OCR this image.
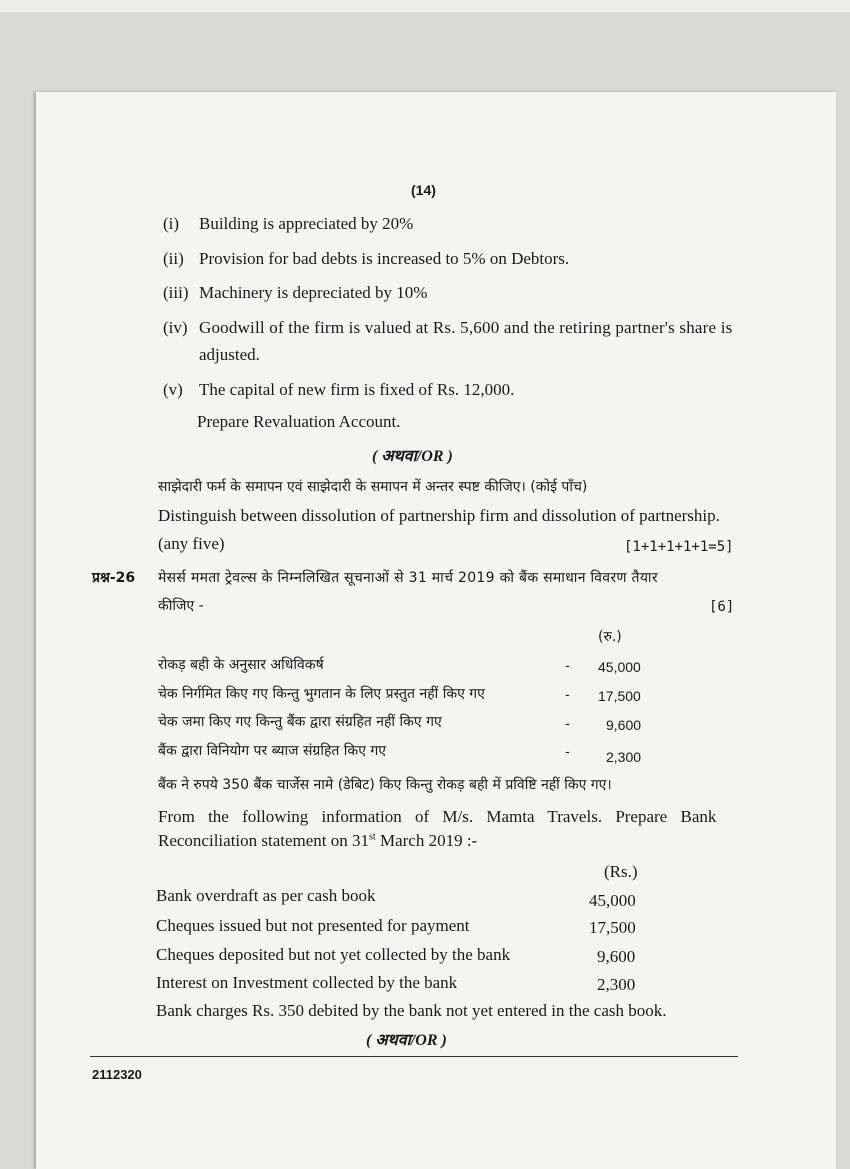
(14)
(i) Building is appreciated by 20%
(ii) Provision for bad debts is increased to 5% on Debtors.
(iii) Machinery is depreciated by 10%
(iv) Goodwill of the firm is valued at Rs. 5,600 and the retiring partner's share is
adjusted.
(v) The capital of new firm is fixed of Rs. 12,000.
Prepare Revaluation Account.
( अथवा/OR )
साझेदारी फर्म के समापन एवं साझेदारी के समापन में अन्तर स्पष्ट कीजिए। (कोई पाँच)
Distinguish between dissolution of partnership firm and dissolution of partnership.
(any five)	[1+1+1+1+1=5]
प्रश्न-26 मेसर्स ममता ट्रेवल्स के निम्नलिखित सूचनाओं से 31 मार्च 2019 को बैंक समाधान विवरण तैयार
कीजिए -	[6]
(रु.)
रोकड़ बही के अनुसार अधिविकर्ष	- 45,000
चेक निर्गमित किए गए किन्तु भुगतान के लिए प्रस्तुत नहीं किए गए	- 17,500
चेक जमा किए गए किन्तु बैंक द्वारा संग्रहित नहीं किए गए	-	9,600
बैंक द्वारा विनियोग पर ब्याज संग्रहित किए गए	-	2,300
बैंक ने रुपये 350 बैंक चार्जेस नामे (डेबिट) किए किन्तु रोकड़ बही में प्रविष्टि नहीं किए गए।
From the following information of M/s. Mamta Travels. Prepare Bank
Reconciliation statement on 31st March 2019 :-
(Rs.)
Bank overdraft as per cash book	45,000
Cheques issued but not presented for payment	17,500
Cheques deposited but not yet collected by the bank	9,600
Interest on Investment collected by the bank	2,300
Bank charges Rs. 350 debited by the bank not yet entered in the cash book.
( अथवा/OR )
2112320
